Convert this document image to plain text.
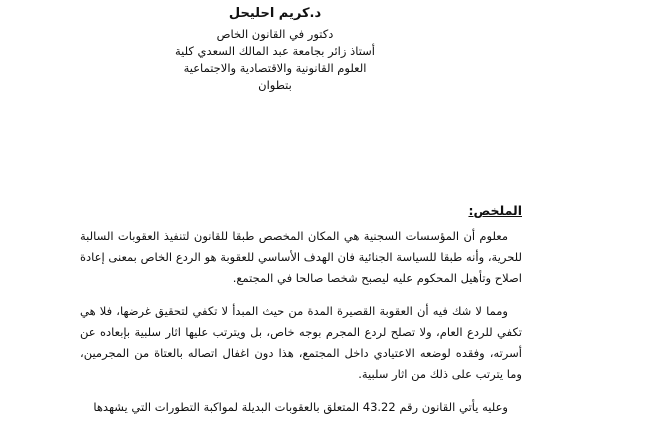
د.كريم احليحل
دكتور في القانون الخاص
أستاذ زائر بجامعة عبد المالك السعدي كلية
العلوم القانونية والاقتصادية والاجتماعية
بتطوان
الملخص:

معلوم أن المؤسسات السجنية هي المكان المخصص طبقا للقانون لتنفيذ العقوبات السالبة للحرية، وأنه طبقا للسياسة الجنائية فان الهدف الأساسي للعقوبة هو الردع الخاص بمعنى إعادة اصلاح وتأهيل المحكوم عليه ليصبح شخصا صالحا في المجتمع.

ومما لا شك فيه أن العقوبة القصيرة المدة من حيث المبدأ لا تكفي لتحقيق غرضها، فلا هي تكفي للردع العام، ولا تصلح لردع المجرم بوجه خاص، بل ويترتب عليها اثار سلبية بإبعاده عن أسرته، وفقده لوضعه الاعتيادي داخل المجتمع، هذا دون اغفال اتصاله بالعتاة من المجرمين، وما يترتب على ذلك من اثار سلبية.

وعليه يأتي القانون رقم 43.22 المتعلق بالعقوبات البديلة لمواكبة التطورات التي يشهدها
